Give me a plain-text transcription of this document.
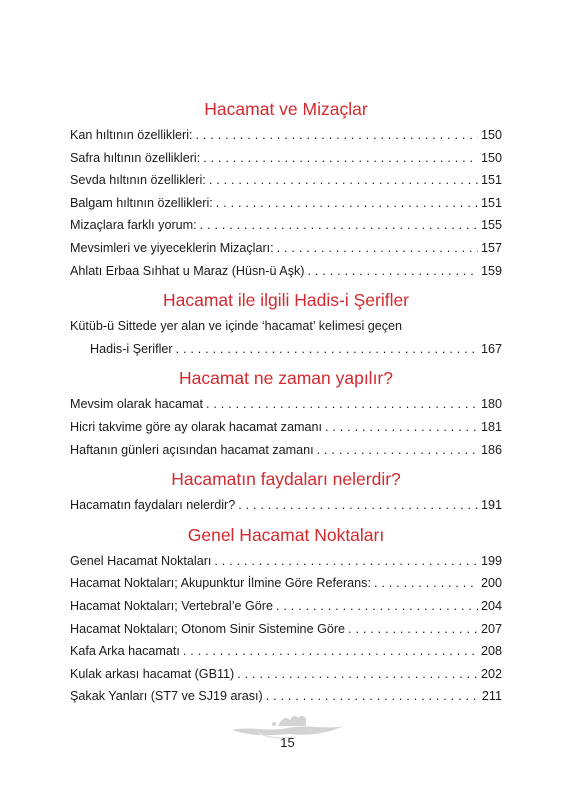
Hacamat ve Mizaçlar
Kan hıltının özellikleri: . . .	150
Safra hıltının özellikleri: . . .	150
Sevda hıltının özellikleri: . . .	151
Balgam hıltının özellikleri: . . .	151
Mizaçlara farklı yorum: . . .	155
Mevsimleri ve yiyeceklerin Mizaçları: . . .	157
Ahlatı Erbaa Sıhhat u Maraz (Hüsn-ü Aşk) . . .	159
Hacamat ile ilgili Hadis-i Şerifler
Kütüb-ü Sittede yer alan ve içinde ‘hacamat’ kelimesi geçen
Hadis-i Şerifler . . .	167
Hacamat ne zaman yapılır?
Mevsim olarak hacamat . . .	180
Hicri takvime göre ay olarak hacamat zamanı . . .	181
Haftanın günleri açısından hacamat zamanı . . .	186
Hacamatın faydaları nelerdir?
Hacamatın faydaları nelerdir? . . .	191
Genel Hacamat Noktaları
Genel Hacamat Noktaları . . .	199
Hacamat Noktaları; Akupunktur İlmine Göre Referans: . . .	200
Hacamat Noktaları; Vertebral’e Göre . . .	204
Hacamat Noktaları; Otonom Sinir Sistemine Göre . . .	207
Kafa Arka hacamatı . . .	208
Kulak arkası hacamat (GB11) . . .	202
Şakak Yanları (ST7 ve SJ19 arası) . . .	211
15
